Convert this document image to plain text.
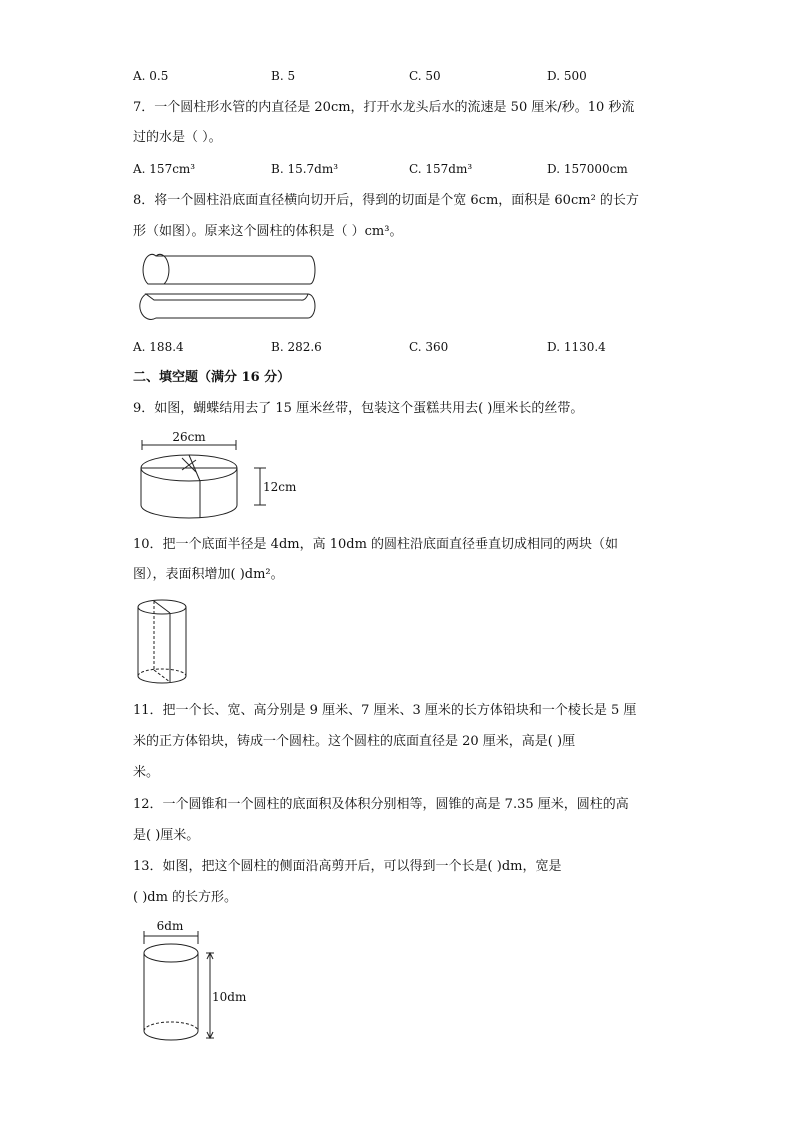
A. 0.5	B. 5	C. 50	D. 500
7．一个圆柱形水管的内直径是 20cm，打开水龙头后水的流速是 50 厘米/秒。10 秒流
过的水是（ ）。
A. 157cm³	B. 15.7dm³	C. 157dm³	D. 157000cm
8．将一个圆柱沿底面直径横向切开后，得到的切面是个宽 6cm，面积是 60cm² 的长方
形（如图）。原来这个圆柱的体积是（ ）cm³。
A. 188.4	B. 282.6	C. 360	D. 1130.4
二、填空题（满分 16 分）
9．如图，蝴蝶结用去了 15 厘米丝带，包装这个蛋糕共用去( )厘米长的丝带。
26cm
12cm
10．把一个底面半径是 4dm，高 10dm 的圆柱沿底面直径垂直切成相同的两块（如
图），表面积增加( )dm²。
11．把一个长、宽、高分别是 9 厘米、7 厘米、3 厘米的长方体铅块和一个棱长是 5 厘
米的正方体铅块，铸成一个圆柱。这个圆柱的底面直径是 20 厘米，高是( )厘
米。
12．一个圆锥和一个圆柱的底面积及体积分别相等，圆锥的高是 7.35 厘米，圆柱的高
是( )厘米。
13．如图，把这个圆柱的侧面沿高剪开后，可以得到一个长是( )dm，宽是
( )dm 的长方形。
6dm
10dm
